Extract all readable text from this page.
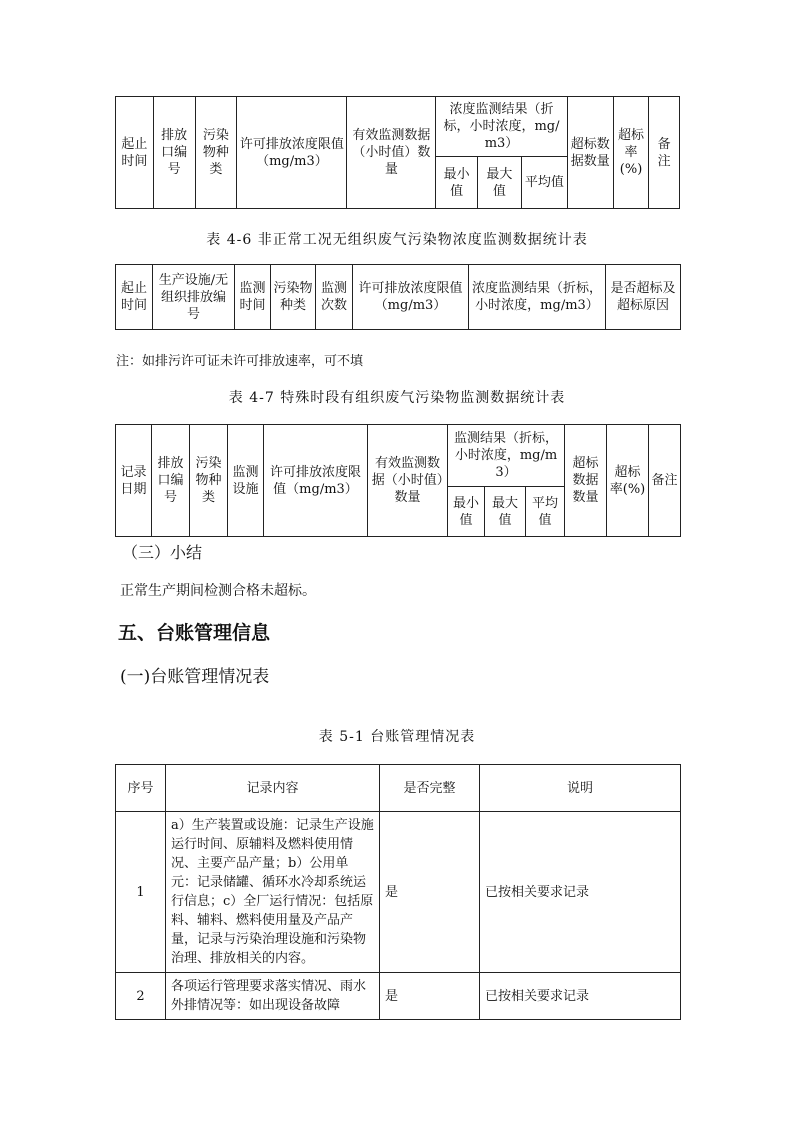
起止时间	排放口编号	污染物种类	许可排放浓度限值（mg/m3）	有效监测数据（小时值）数量	浓度监测结果（折标，小时浓度，mg/m3）			超标数据数量	超标率(%)	备注
					最小值	最大值	平均值			
表 4-6 非正常工况无组织废气污染物浓度监测数据统计表
起止时间	生产设施/无组织排放编号	监测时间	污染物种类	监测次数	许可排放浓度限值（mg/m3）	浓度监测结果（折标，小时浓度，mg/m3）	是否超标及超标原因
注：如排污许可证未许可排放速率，可不填
表 4-7 特殊时段有组织废气污染物监测数据统计表
记录日期	排放口编号	污染物种类	监测设施	许可排放浓度限值（mg/m3）	有效监测数据（小时值）数量	监测结果（折标，小时浓度，mg/m3）			超标数据数量	超标率(%)	备注
						最小值	最大值	平均值			
（三）小结
正常生产期间检测合格未超标。
五、台账管理信息
(一)台账管理情况表
表 5-1 台账管理情况表
序号	记录内容	是否完整	说明
1	a）生产装置或设施：记录生产设施运行时间、原辅料及燃料使用情况、主要产品产量；b）公用单元：记录储罐、循环水冷却系统运行信息；c）全厂运行情况：包括原料、辅料、燃料使用量及产品产量，记录与污染治理设施和污染物治理、排放相关的内容。	是	已按相关要求记录
2	各项运行管理要求落实情况、雨水外排情况等：如出现设备故障	是	已按相关要求记录
